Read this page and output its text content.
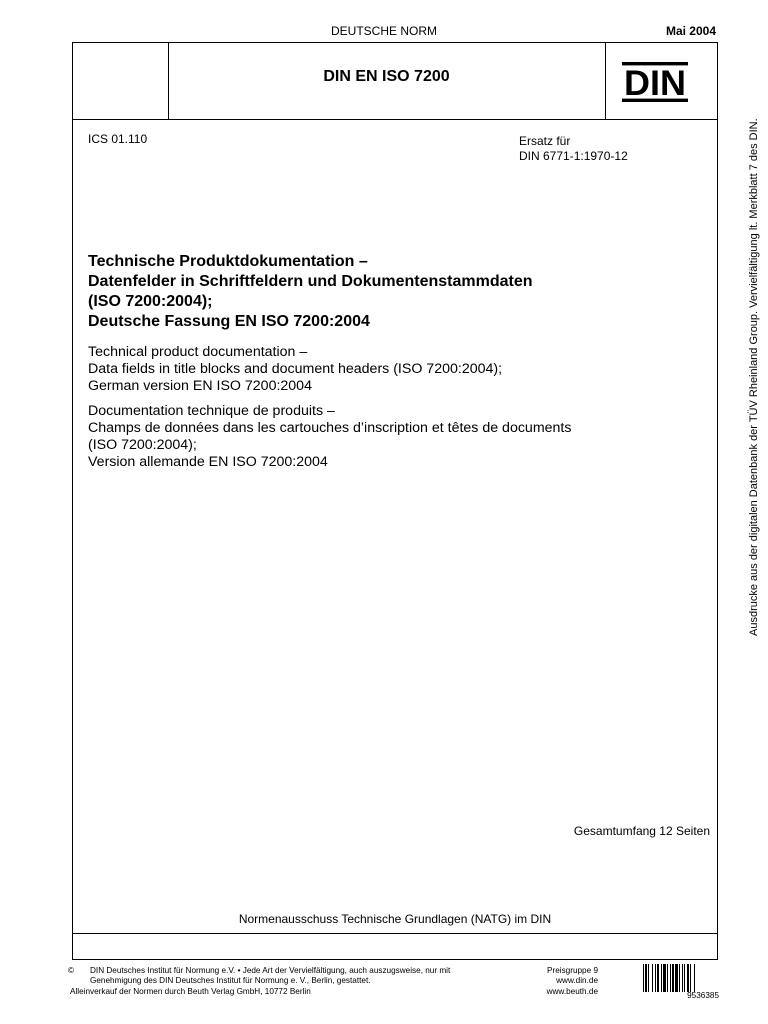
DEUTSCHE NORM	Mai 2004
DIN EN ISO 7200	DIN
ICS 01.110	Ersatz für
DIN 6771-1:1970-12
Technische Produktdokumentation –
Datenfelder in Schriftfeldern und Dokumentenstammdaten
(ISO 7200:2004);
Deutsche Fassung EN ISO 7200:2004
Technical product documentation –
Data fields in title blocks and document headers (ISO 7200:2004);
German version EN ISO 7200:2004
Documentation technique de produits –
Champs de données dans les cartouches d’inscription et têtes de documents
(ISO 7200:2004);
Version allemande EN ISO 7200:2004
Gesamtumfang 12 Seiten
Normenausschuss Technische Grundlagen (NATG) im DIN
© DIN Deutsches Institut für Normung e.V. • Jede Art der Vervielfältigung, auch auszugsweise, nur mit
Genehmigung des DIN Deutsches Institut für Normung e. V., Berlin, gestattet.
Alleinverkauf der Normen durch Beuth Verlag GmbH, 10772 Berlin
Preisgruppe 9
www.din.de
www.beuth.de	9536385
Ausdrucke aus der digitalen Datenbank der TÜV Rheinland Group. Vervielfältigung lt. Merkblatt 7 des DIN.
